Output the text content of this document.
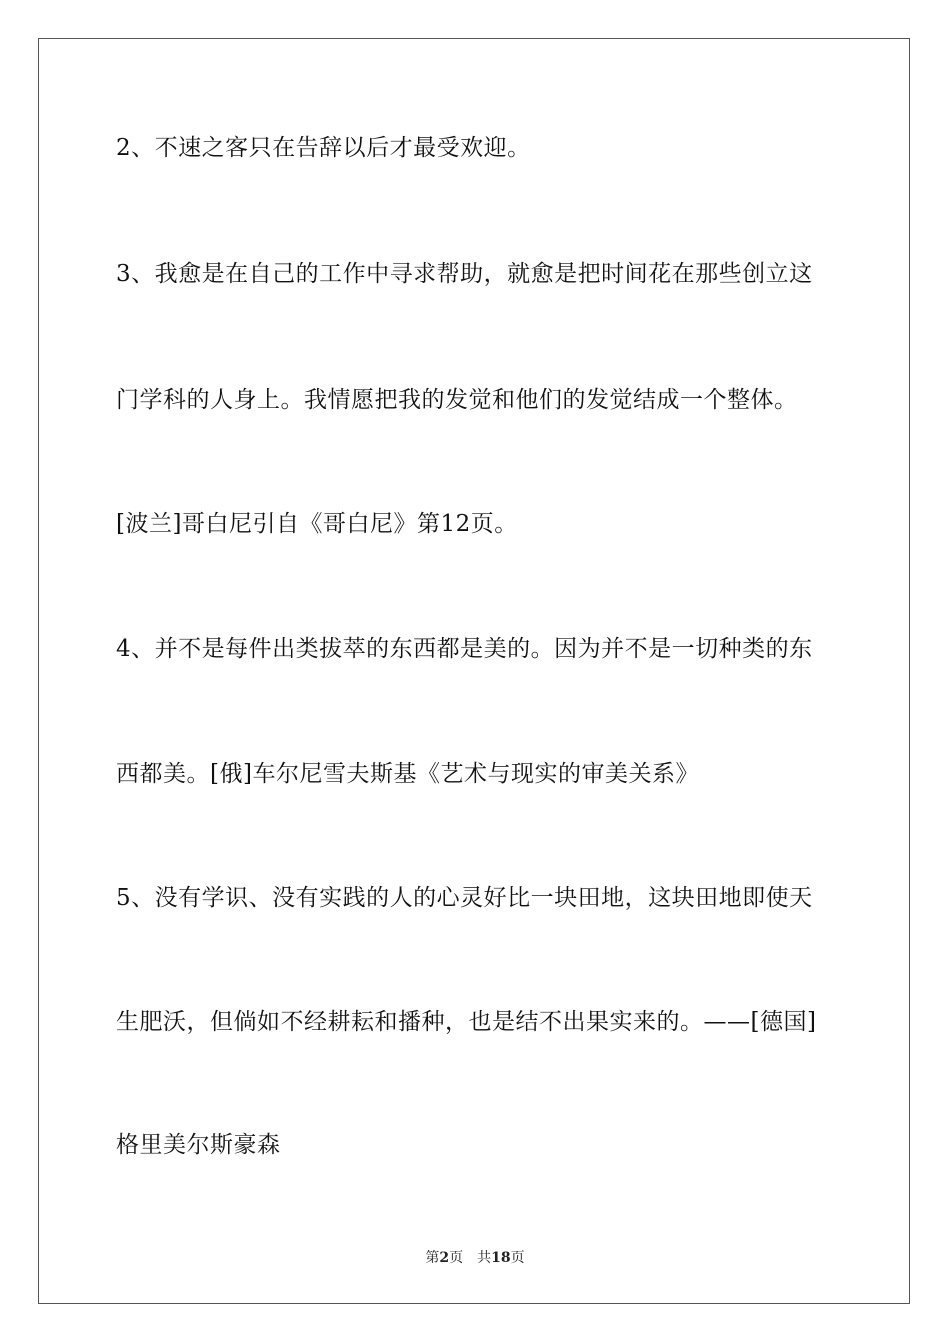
2、不速之客只在告辞以后才最受欢迎。
3、我愈是在自己的工作中寻求帮助，就愈是把时间花在那些创立这
门学科的人身上。我情愿把我的发觉和他们的发觉结成一个整体。
[波兰]哥白尼引自《哥白尼》第12页。
4、并不是每件出类拔萃的东西都是美的。因为并不是一切种类的东
西都美。[俄]车尔尼雪夫斯基《艺术与现实的审美关系》
5、没有学识、没有实践的人的心灵好比一块田地，这块田地即使天
生肥沃，但倘如不经耕耘和播种，也是结不出果实来的。——[德国]
格里美尔斯豪森
第2页 共18页
